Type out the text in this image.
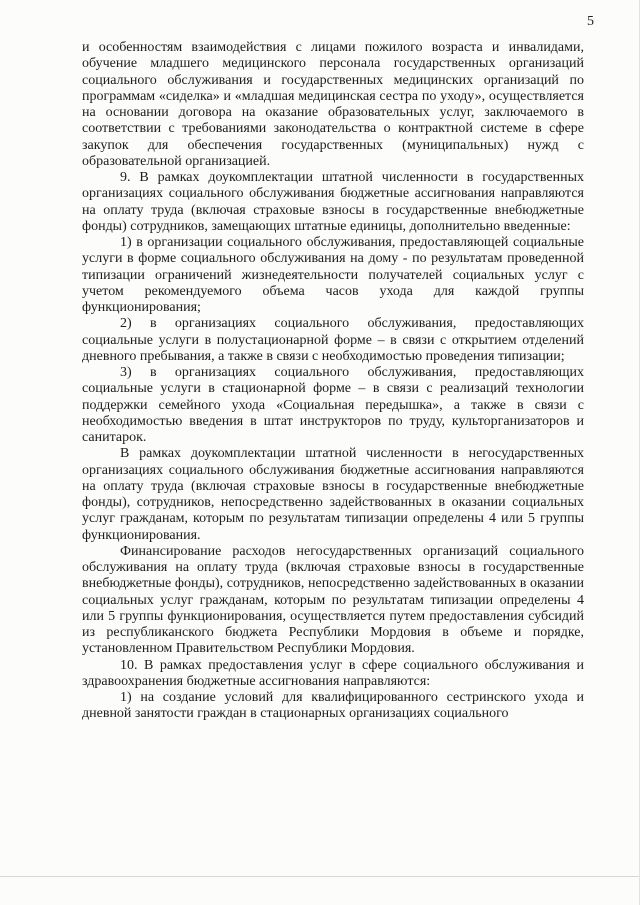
5

и особенностям взаимодействия с лицами пожилого возраста и инвалидами, обучение младшего медицинского персонала государственных организаций социального обслуживания и государственных медицинских организаций по программам «сиделка» и «младшая медицинская сестра по уходу», осуществляется на основании договора на оказание образовательных услуг, заключаемого в соответствии с требованиями законодательства о контрактной системе в сфере закупок для обеспечения государственных (муниципальных) нужд с образовательной организацией.

9. В рамках доукомплектации штатной численности в государственных организациях социального обслуживания бюджетные ассигнования направляются на оплату труда (включая страховые взносы в государственные внебюджетные фонды) сотрудников, замещающих штатные единицы, дополнительно введенные:

1) в организации социального обслуживания, предоставляющей социальные услуги в форме социального обслуживания на дому - по результатам проведенной типизации ограничений жизнедеятельности получателей социальных услуг с учетом рекомендуемого объема часов ухода для каждой группы функционирования;

2) в организациях социального обслуживания, предоставляющих социальные услуги в полустационарной форме – в связи с открытием отделений дневного пребывания, а также в связи с необходимостью проведения типизации;

3) в организациях социального обслуживания, предоставляющих социальные услуги в стационарной форме – в связи с реализаций технологии поддержки семейного ухода «Социальная передышка», а также в связи с необходимостью введения в штат инструкторов по труду, культорганизаторов и санитарок.

В рамках доукомплектации штатной численности в негосударственных организациях социального обслуживания бюджетные ассигнования направляются на оплату труда (включая страховые взносы в государственные внебюджетные фонды), сотрудников, непосредственно задействованных в оказании социальных услуг гражданам, которым по результатам типизации определены 4 или 5 группы функционирования.

Финансирование расходов негосударственных организаций социального обслуживания на оплату труда (включая страховые взносы в государственные внебюджетные фонды), сотрудников, непосредственно задействованных в оказании социальных услуг гражданам, которым по результатам типизации определены 4 или 5 группы функционирования, осуществляется путем предоставления субсидий из республиканского бюджета Республики Мордовия в объеме и порядке, установленном Правительством Республики Мордовия.

10. В рамках предоставления услуг в сфере социального обслуживания и здравоохранения бюджетные ассигнования направляются:

1) на создание условий для квалифицированного сестринского ухода и дневной занятости граждан в стационарных организациях социального
